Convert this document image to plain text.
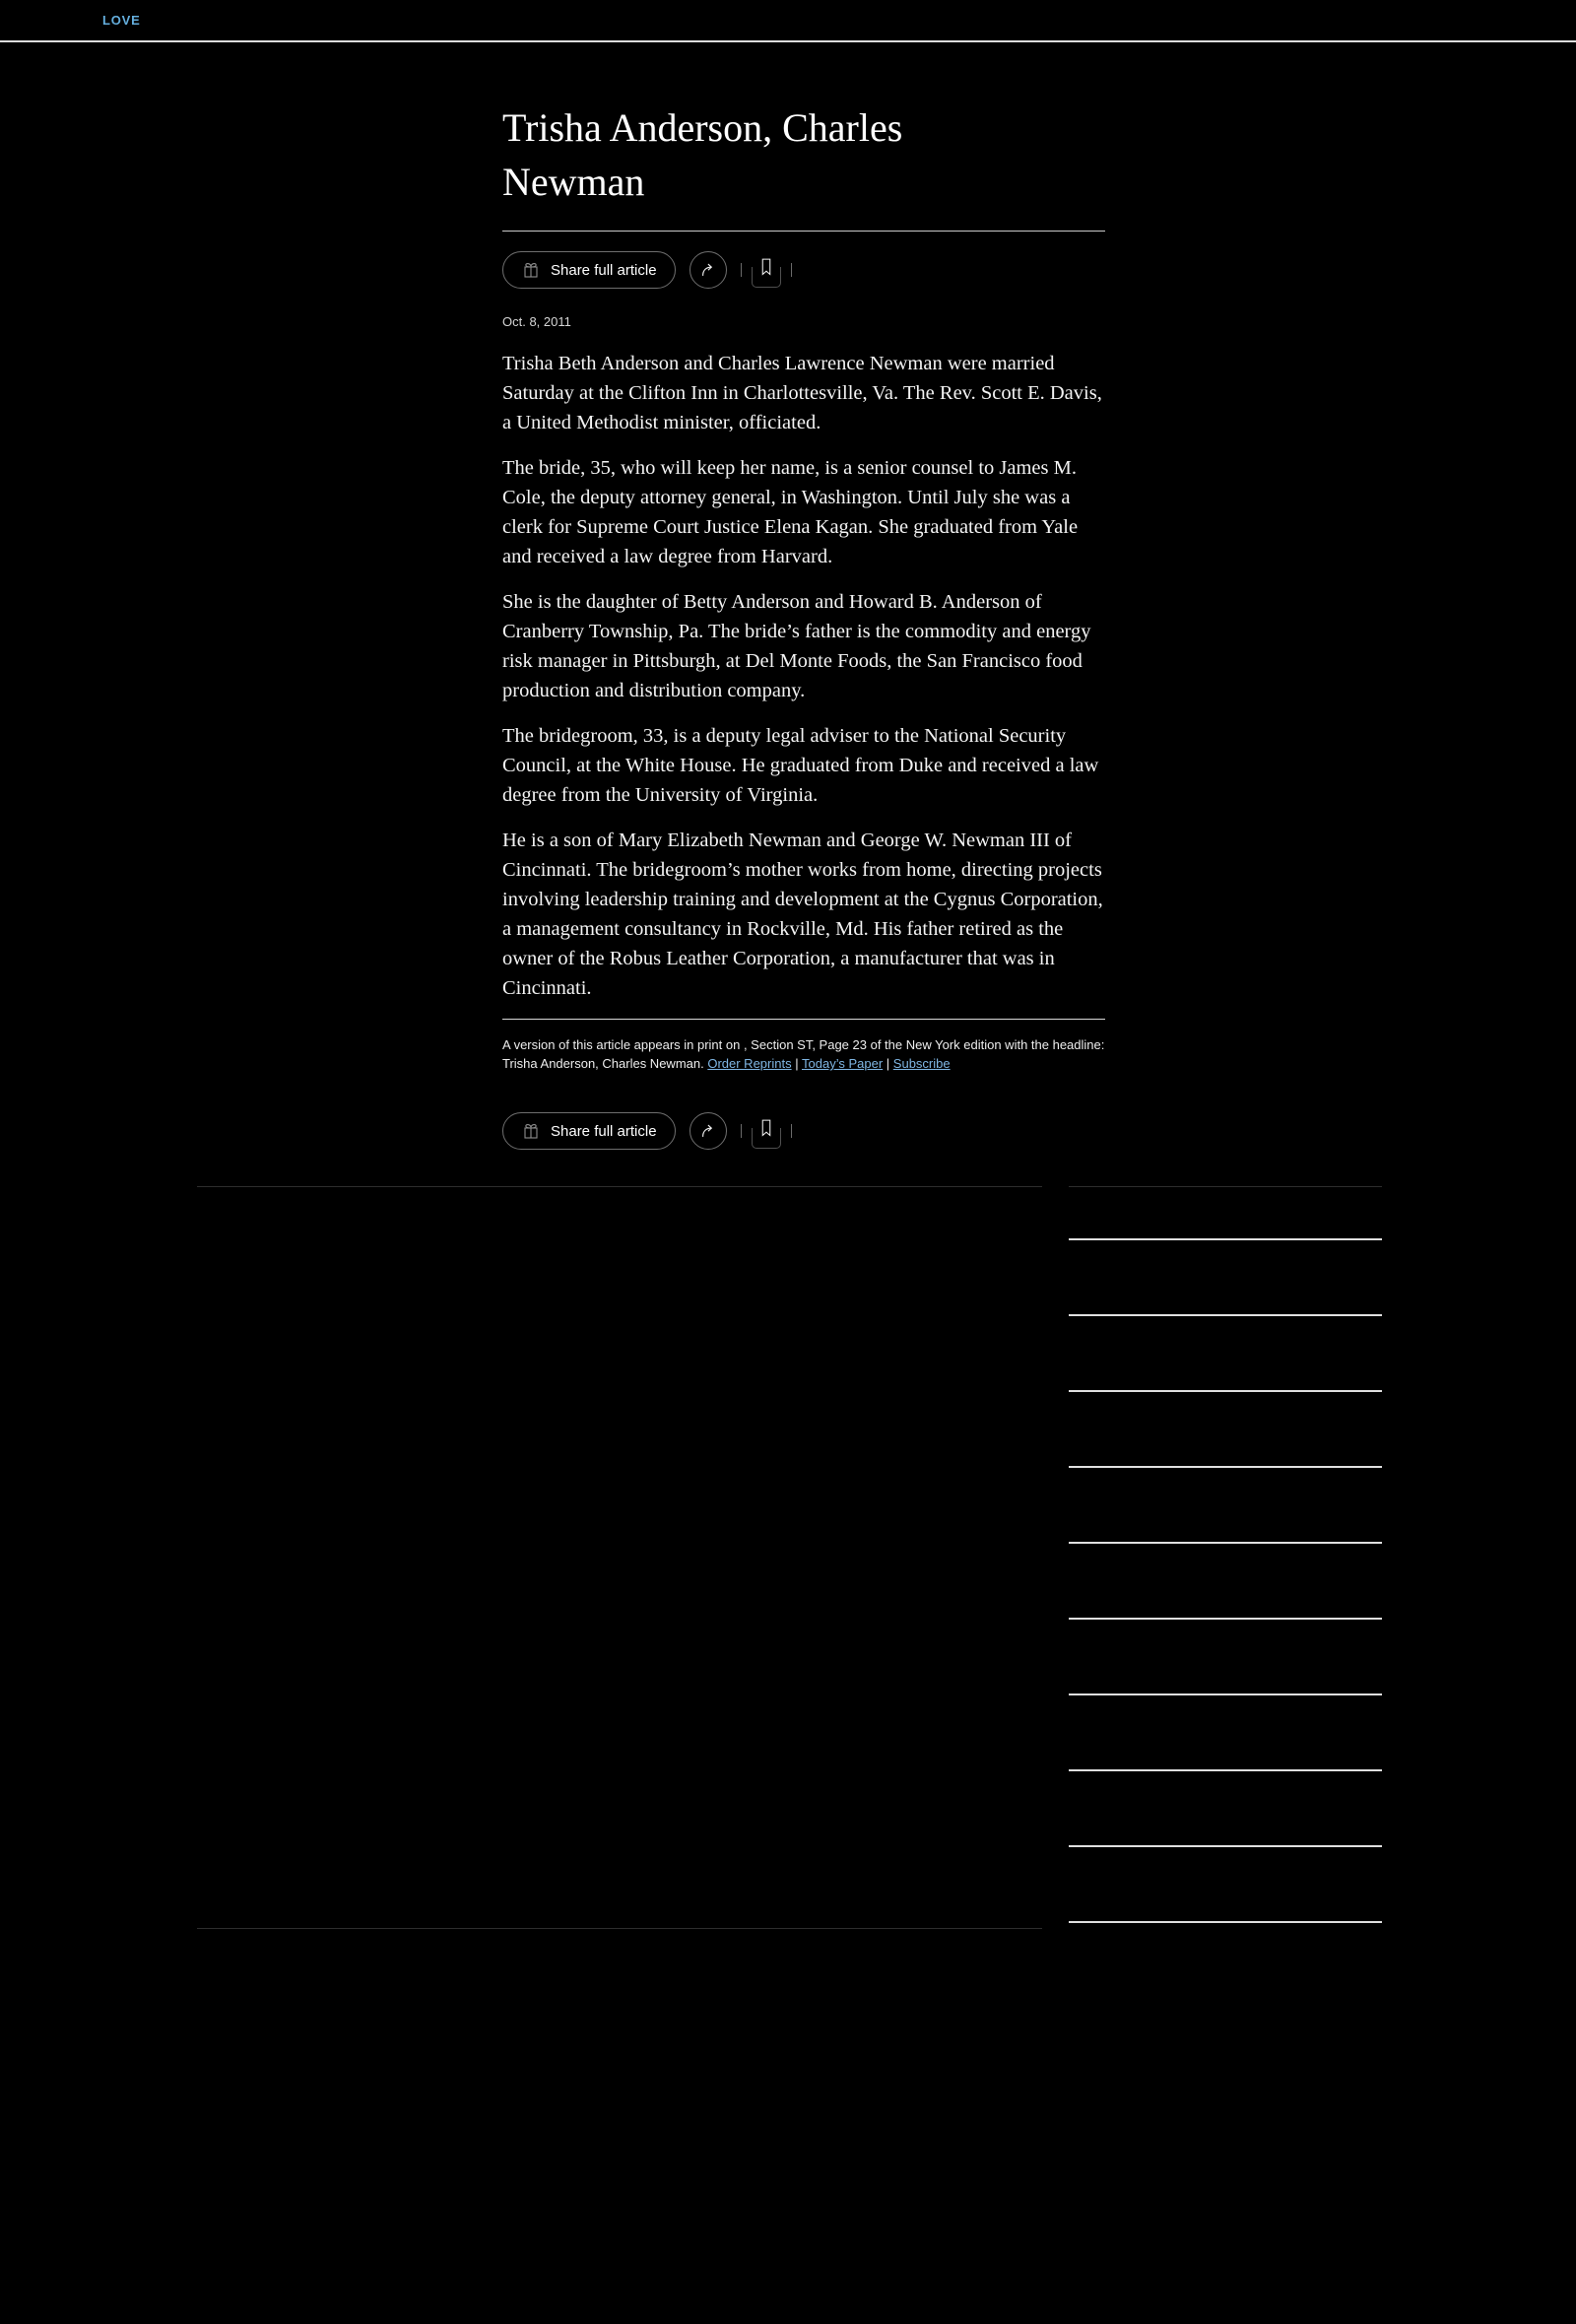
LOVE
Trisha Anderson, Charles Newman
Share full article
Oct. 8, 2011

Trisha Beth Anderson and Charles Lawrence Newman were married Saturday at the Clifton Inn in Charlottesville, Va. The Rev. Scott E. Davis, a United Methodist minister, officiated.

The bride, 35, who will keep her name, is a senior counsel to James M. Cole, the deputy attorney general, in Washington. Until July she was a clerk for Supreme Court Justice Elena Kagan. She graduated from Yale and received a law degree from Harvard.

She is the daughter of Betty Anderson and Howard B. Anderson of Cranberry Township, Pa. The bride’s father is the commodity and energy risk manager in Pittsburgh, at Del Monte Foods, the San Francisco food production and distribution company.

The bridegroom, 33, is a deputy legal adviser to the National Security Council, at the White House. He graduated from Duke and received a law degree from the University of Virginia.

He is a son of Mary Elizabeth Newman and George W. Newman III of Cincinnati. The bridegroom’s mother works from home, directing projects involving leadership training and development at the Cygnus Corporation, a management consultancy in Rockville, Md. His father retired as the owner of the Robus Leather Corporation, a manufacturer that was in Cincinnati.

A version of this article appears in print on , Section ST, Page 23 of the New York edition with the headline: Trisha Anderson, Charles Newman. Order Reprints | Today’s Paper | Subscribe

Share full article
